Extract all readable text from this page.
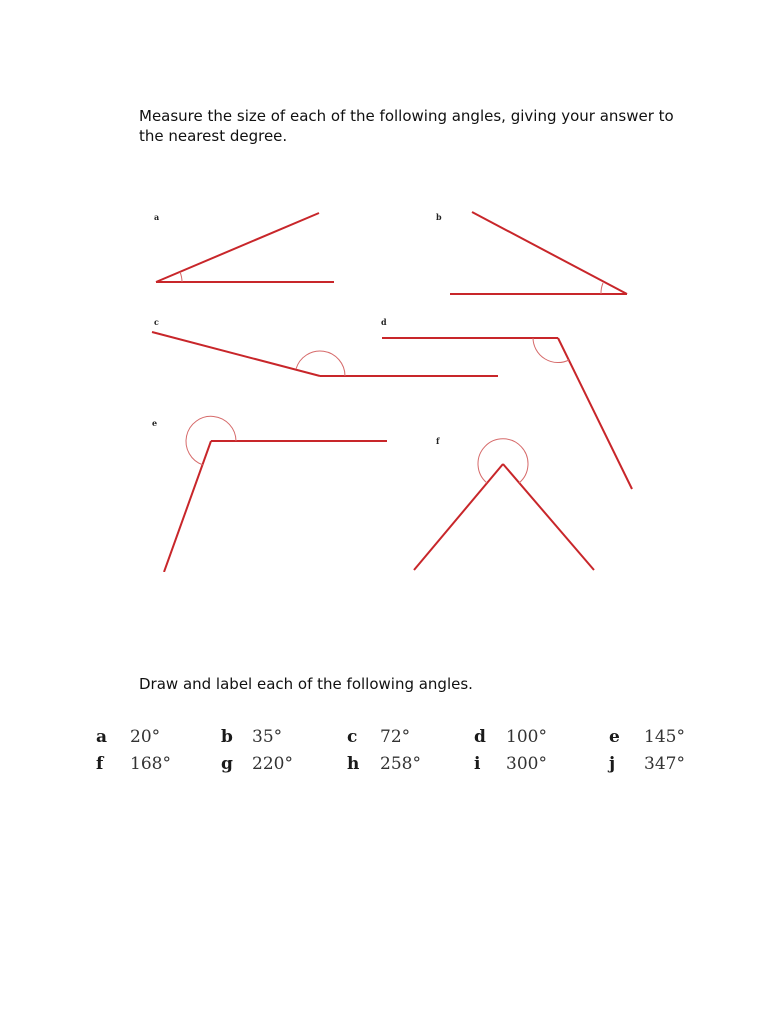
Measure the size of each of the following angles, giving your answer to the nearest degree.

a	b
c	d
e
f

Draw and label each of the following angles.

a 20°	b 35°	c 72°	d 100°	e 145°
f 168°	g 220°	h 258°	i 300°	j 347°
